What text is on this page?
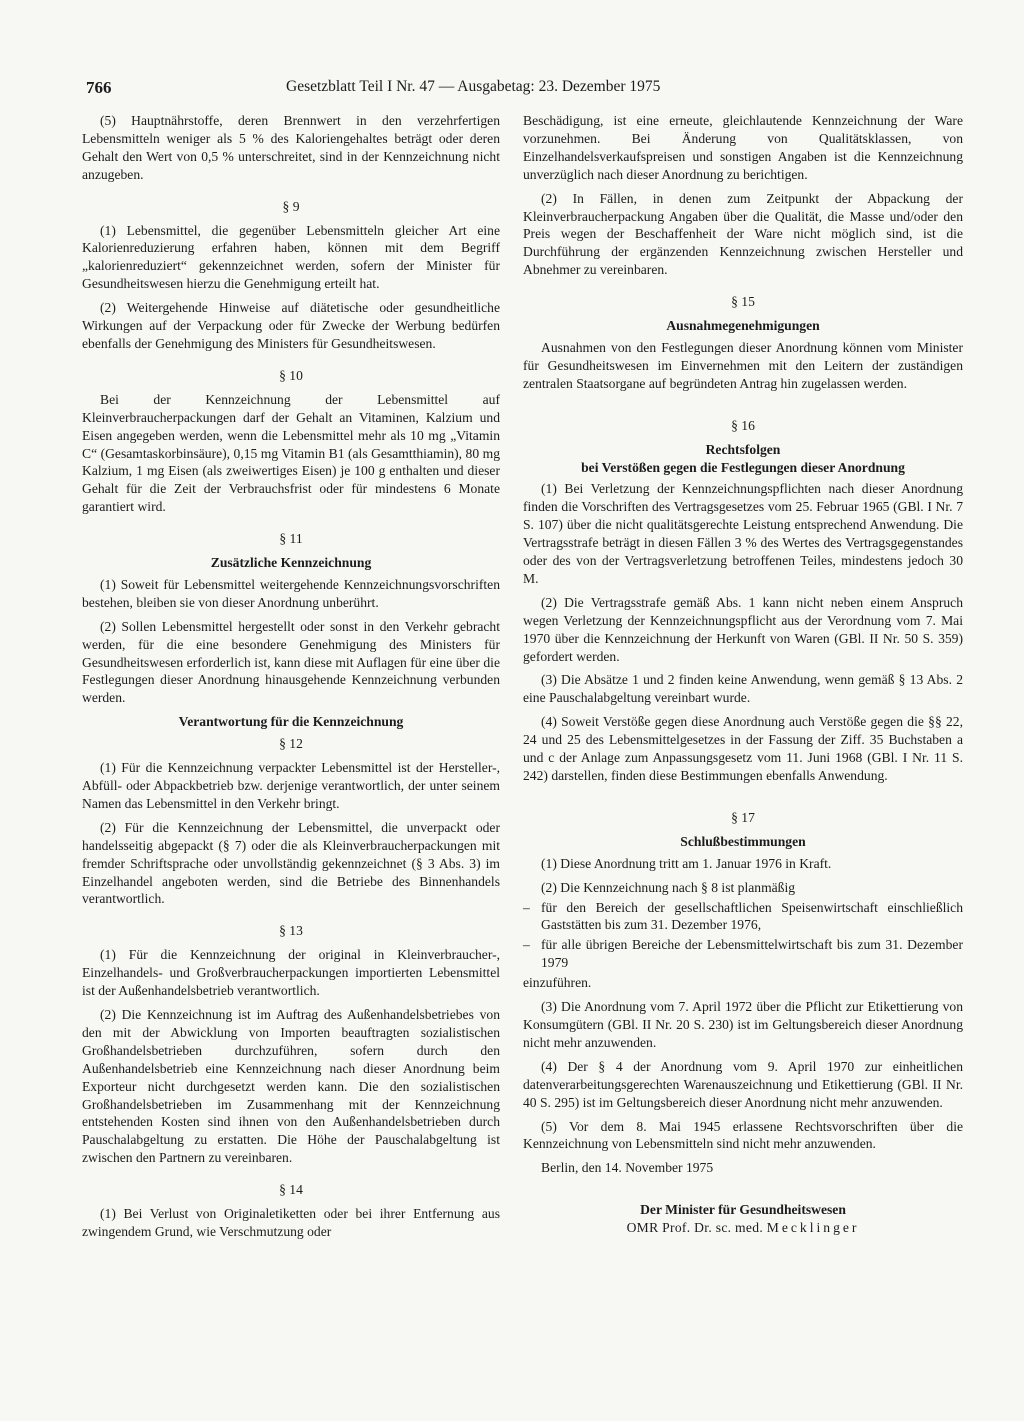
766	Gesetzblatt Teil I Nr. 47 — Ausgabetag: 23. Dezember 1975

(5) Hauptnährstoffe, deren Brennwert in den verzehrfertigen Lebensmitteln weniger als 5 % des Kaloriengehaltes beträgt oder deren Gehalt den Wert von 0,5 % unterschreitet, sind in der Kennzeichnung nicht anzugeben.

§ 9

(1) Lebensmittel, die gegenüber Lebensmitteln gleicher Art eine Kalorienreduzierung erfahren haben, können mit dem Begriff „kalorienreduziert“ gekennzeichnet werden, sofern der Minister für Gesundheitswesen hierzu die Genehmigung erteilt hat.

(2) Weitergehende Hinweise auf diätetische oder gesundheitliche Wirkungen auf der Verpackung oder für Zwecke der Werbung bedürfen ebenfalls der Genehmigung des Ministers für Gesundheitswesen.

§ 10

Bei der Kennzeichnung der Lebensmittel auf Kleinverbraucherpackungen darf der Gehalt an Vitaminen, Kalzium und Eisen angegeben werden, wenn die Lebensmittel mehr als 10 mg „Vitamin C“ (Gesamtaskorbinsäure), 0,15 mg Vitamin B1 (als Gesamtthiamin), 80 mg Kalzium, 1 mg Eisen (als zweiwertiges Eisen) je 100 g enthalten und dieser Gehalt für die Zeit der Verbrauchsfrist oder für mindestens 6 Monate garantiert wird.

§ 11
Zusätzliche Kennzeichnung

(1) Soweit für Lebensmittel weitergehende Kennzeichnungsvorschriften bestehen, bleiben sie von dieser Anordnung unberührt.

(2) Sollen Lebensmittel hergestellt oder sonst in den Verkehr gebracht werden, für die eine besondere Genehmigung des Ministers für Gesundheitswesen erforderlich ist, kann diese mit Auflagen für eine über die Festlegungen dieser Anordnung hinausgehende Kennzeichnung verbunden werden.

Verantwortung für die Kennzeichnung
§ 12

(1) Für die Kennzeichnung verpackter Lebensmittel ist der Hersteller-, Abfüll- oder Abpackbetrieb bzw. derjenige verantwortlich, der unter seinem Namen das Lebensmittel in den Verkehr bringt.

(2) Für die Kennzeichnung der Lebensmittel, die unverpackt oder handelsseitig abgepackt (§ 7) oder die als Kleinverbraucherpackungen mit fremder Schriftsprache oder unvollständig gekennzeichnet (§ 3 Abs. 3) im Einzelhandel angeboten werden, sind die Betriebe des Binnenhandels verantwortlich.

§ 13

(1) Für die Kennzeichnung der original in Kleinverbraucher-, Einzelhandels- und Großverbraucherpackungen importierten Lebensmittel ist der Außenhandelsbetrieb verantwortlich.

(2) Die Kennzeichnung ist im Auftrag des Außenhandelsbetriebes von den mit der Abwicklung von Importen beauftragten sozialistischen Großhandelsbetrieben durchzuführen, sofern durch den Außenhandelsbetrieb eine Kennzeichnung nach dieser Anordnung beim Exporteur nicht durchgesetzt werden kann. Die den sozialistischen Großhandelsbetrieben im Zusammenhang mit der Kennzeichnung entstehenden Kosten sind ihnen von den Außenhandelsbetrieben durch Pauschalabgeltung zu erstatten. Die Höhe der Pauschalabgeltung ist zwischen den Partnern zu vereinbaren.

§ 14

(1) Bei Verlust von Originaletiketten oder bei ihrer Entfernung aus zwingendem Grund, wie Verschmutzung oder

Beschädigung, ist eine erneute, gleichlautende Kennzeichnung der Ware vorzunehmen. Bei Änderung von Qualitätsklassen, von Einzelhandelsverkaufspreisen und sonstigen Angaben ist die Kennzeichnung unverzüglich nach dieser Anordnung zu berichtigen.

(2) In Fällen, in denen zum Zeitpunkt der Abpackung der Kleinverbraucherpackung Angaben über die Qualität, die Masse und/oder den Preis wegen der Beschaffenheit der Ware nicht möglich sind, ist die Durchführung der ergänzenden Kennzeichnung zwischen Hersteller und Abnehmer zu vereinbaren.

§ 15
Ausnahmegenehmigungen

Ausnahmen von den Festlegungen dieser Anordnung können vom Minister für Gesundheitswesen im Einvernehmen mit den Leitern der zuständigen zentralen Staatsorgane auf begründeten Antrag hin zugelassen werden.

§ 16
Rechtsfolgen
bei Verstößen gegen die Festlegungen dieser Anordnung

(1) Bei Verletzung der Kennzeichnungspflichten nach dieser Anordnung finden die Vorschriften des Vertragsgesetzes vom 25. Februar 1965 (GBl. I Nr. 7 S. 107) über die nicht qualitätsgerechte Leistung entsprechend Anwendung. Die Vertragsstrafe beträgt in diesen Fällen 3 % des Wertes des Vertragsgegenstandes oder des von der Vertragsverletzung betroffenen Teiles, mindestens jedoch 30 M.

(2) Die Vertragsstrafe gemäß Abs. 1 kann nicht neben einem Anspruch wegen Verletzung der Kennzeichnungspflicht aus der Verordnung vom 7. Mai 1970 über die Kennzeichnung der Herkunft von Waren (GBl. II Nr. 50 S. 359) gefordert werden.

(3) Die Absätze 1 und 2 finden keine Anwendung, wenn gemäß § 13 Abs. 2 eine Pauschalabgeltung vereinbart wurde.

(4) Soweit Verstöße gegen diese Anordnung auch Verstöße gegen die §§ 22, 24 und 25 des Lebensmittelgesetzes in der Fassung der Ziff. 35 Buchstaben a und c der Anlage zum Anpassungsgesetz vom 11. Juni 1968 (GBl. I Nr. 11 S. 242) darstellen, finden diese Bestimmungen ebenfalls Anwendung.

§ 17
Schlußbestimmungen

(1) Diese Anordnung tritt am 1. Januar 1976 in Kraft.

(2) Die Kennzeichnung nach § 8 ist planmäßig

– für den Bereich der gesellschaftlichen Speisenwirtschaft einschließlich Gaststätten bis zum 31. Dezember 1976,
– für alle übrigen Bereiche der Lebensmittelwirtschaft bis zum 31. Dezember 1979

einzuführen.

(3) Die Anordnung vom 7. April 1972 über die Pflicht zur Etikettierung von Konsumgütern (GBl. II Nr. 20 S. 230) ist im Geltungsbereich dieser Anordnung nicht mehr anzuwenden.

(4) Der § 4 der Anordnung vom 9. April 1970 zur einheitlichen datenverarbeitungsgerechten Warenauszeichnung und Etikettierung (GBl. II Nr. 40 S. 295) ist im Geltungsbereich dieser Anordnung nicht mehr anzuwenden.

(5) Vor dem 8. Mai 1945 erlassene Rechtsvorschriften über die Kennzeichnung von Lebensmitteln sind nicht mehr anzuwenden.

Berlin, den 14. November 1975

Der Minister für Gesundheitswesen
OMR Prof. Dr. sc. med. Mecklinger
